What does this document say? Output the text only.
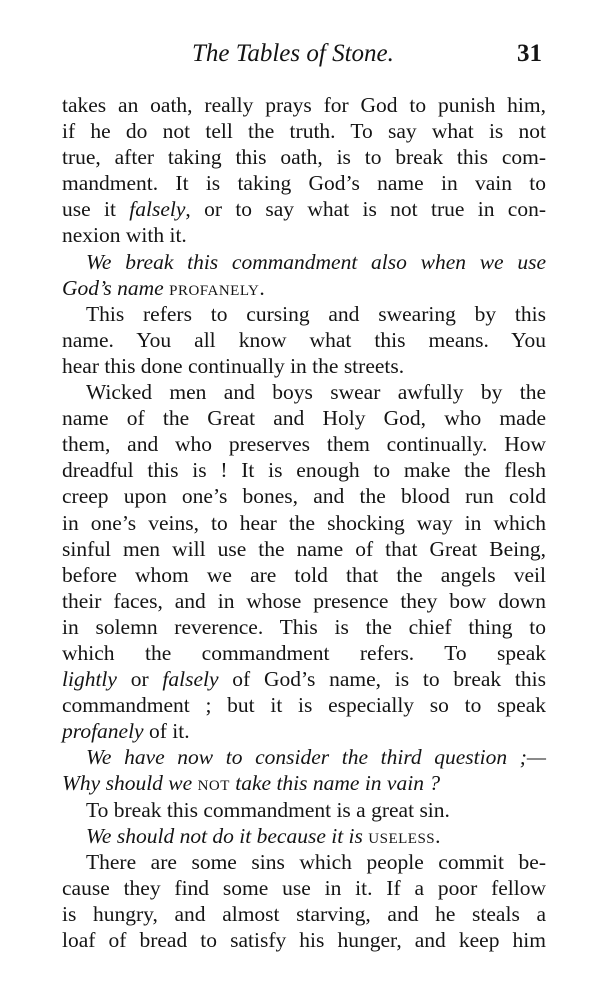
The Tables of Stone.	31
takes an oath, really prays for God to punish him,
if he do not tell the truth. To say what is not
true, after taking this oath, is to break this com-
mandment. It is taking God’s name in vain to
use it falsely, or to say what is not true in con-
nexion with it.
We break this commandment also when we use
God’s name profanely.
This refers to cursing and swearing by this
name. You all know what this means. You
hear this done continually in the streets.
Wicked men and boys swear awfully by the
name of the Great and Holy God, who made
them, and who preserves them continually. How
dreadful this is ! It is enough to make the flesh
creep upon one’s bones, and the blood run cold
in one’s veins, to hear the shocking way in which
sinful men will use the name of that Great Being,
before whom we are told that the angels veil
their faces, and in whose presence they bow down
in solemn reverence. This is the chief thing to
which the commandment refers. To speak
lightly or falsely of God’s name, is to break this
commandment ; but it is especially so to speak
profanely of it.
We have now to consider the third question ;—
Why should we not take this name in vain ?
To break this commandment is a great sin.
We should not do it because it is useless.
There are some sins which people commit be-
cause they find some use in it. If a poor fellow
is hungry, and almost starving, and he steals a
loaf of bread to satisfy his hunger, and keep him
